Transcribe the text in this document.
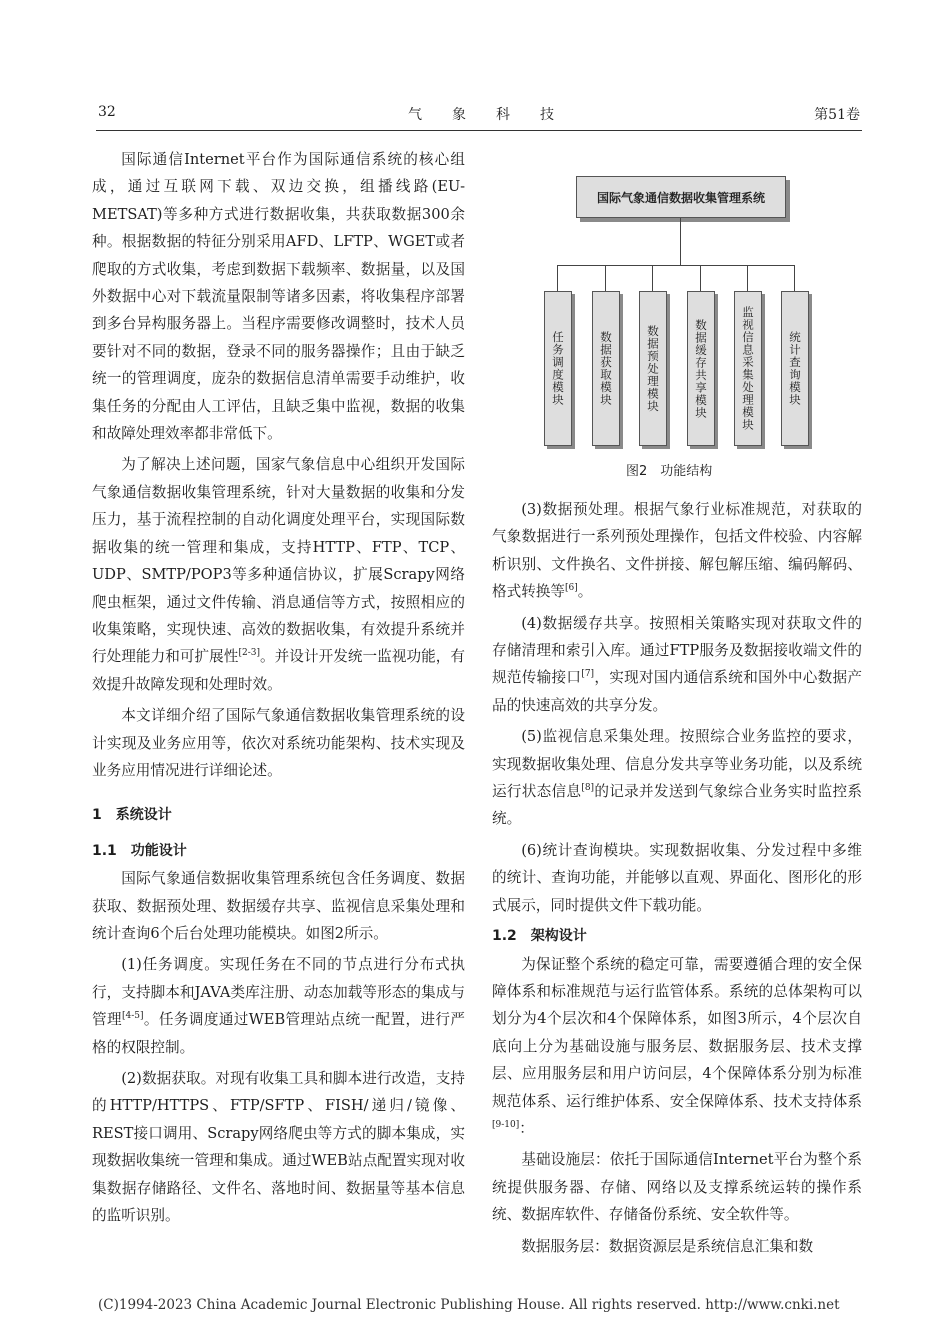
32	气象科技	第51卷

国际通信Internet平台作为国际通信系统的核心组成，通过互联网下载、双边交换，组播线路(EU-METSAT)等多种方式进行数据收集，共获取数据300余种。根据数据的特征分别采用AFD、LFTP、WGET或者爬取的方式收集，考虑到数据下载频率、数据量，以及国外数据中心对下载流量限制等诸多因素，将收集程序部署到多台异构服务器上。当程序需要修改调整时，技术人员要针对不同的数据，登录不同的服务器操作；且由于缺乏统一的管理调度，庞杂的数据信息清单需要手动维护，收集任务的分配由人工评估，且缺乏集中监视，数据的收集和故障处理效率都非常低下。

为了解决上述问题，国家气象信息中心组织开发国际气象通信数据收集管理系统，针对大量数据的收集和分发压力，基于流程控制的自动化调度处理平台，实现国际数据收集的统一管理和集成，支持HTTP、FTP、TCP、UDP、SMTP/POP3等多种通信协议，扩展Scrapy网络爬虫框架，通过文件传输、消息通信等方式，按照相应的收集策略，实现快速、高效的数据收集，有效提升系统并行处理能力和可扩展性[2-3]。并设计开发统一监视功能，有效提升故障发现和处理时效。

本文详细介绍了国际气象通信数据收集管理系统的设计实现及业务应用等，依次对系统功能架构、技术实现及业务应用情况进行详细论述。

1　系统设计
1.1　功能设计

国际气象通信数据收集管理系统包含任务调度、数据获取、数据预处理、数据缓存共享、监视信息采集处理和统计查询6个后台处理功能模块。如图2所示。

(1)任务调度。实现任务在不同的节点进行分布式执行，支持脚本和JAVA类库注册、动态加载等形态的集成与管理[4-5]。任务调度通过WEB管理站点统一配置，进行严格的权限控制。

(2)数据获取。对现有收集工具和脚本进行改造，支持的HTTP/HTTPS、FTP/SFTP、FISH/递归/镜像、REST接口调用、Scrapy网络爬虫等方式的脚本集成，实现数据收集统一管理和集成。通过WEB站点配置实现对收集数据存储路径、文件名、落地时间、数据量等基本信息的监听识别。

国际气象通信数据收集管理系统
任务调度模块	数据获取模块	数据预处理模块	数据缓存共享模块	监视信息采集处理模块	统计查询模块
图2　功能结构

(3)数据预处理。根据气象行业标准规范，对获取的气象数据进行一系列预处理操作，包括文件校验、内容解析识别、文件换名、文件拼接、解包解压缩、编码解码、格式转换等[6]。

(4)数据缓存共享。按照相关策略实现对获取文件的存储清理和索引入库。通过FTP服务及数据接收端文件的规范传输接口[7]，实现对国内通信系统和国外中心数据产品的快速高效的共享分发。

(5)监视信息采集处理。按照综合业务监控的要求，实现数据收集处理、信息分发共享等业务功能，以及系统运行状态信息[8]的记录并发送到气象综合业务实时监控系统。

(6)统计查询模块。实现数据收集、分发过程中多维的统计、查询功能，并能够以直观、界面化、图形化的形式展示，同时提供文件下载功能。

1.2　架构设计

为保证整个系统的稳定可靠，需要遵循合理的安全保障体系和标准规范与运行监管体系。系统的总体架构可以划分为4个层次和4个保障体系，如图3所示，4个层次自底向上分为基础设施与服务层、数据服务层、技术支撑层、应用服务层和用户访问层，4个保障体系分别为标准规范体系、运行维护体系、安全保障体系、技术支持体系[9-10]：

基础设施层：依托于国际通信Internet平台为整个系统提供服务器、存储、网络以及支撑系统运转的操作系统、数据库软件、存储备份系统、安全软件等。

数据服务层：数据资源层是系统信息汇集和数

(C)1994-2023 China Academic Journal Electronic Publishing House. All rights reserved. http://www.cnki.net
